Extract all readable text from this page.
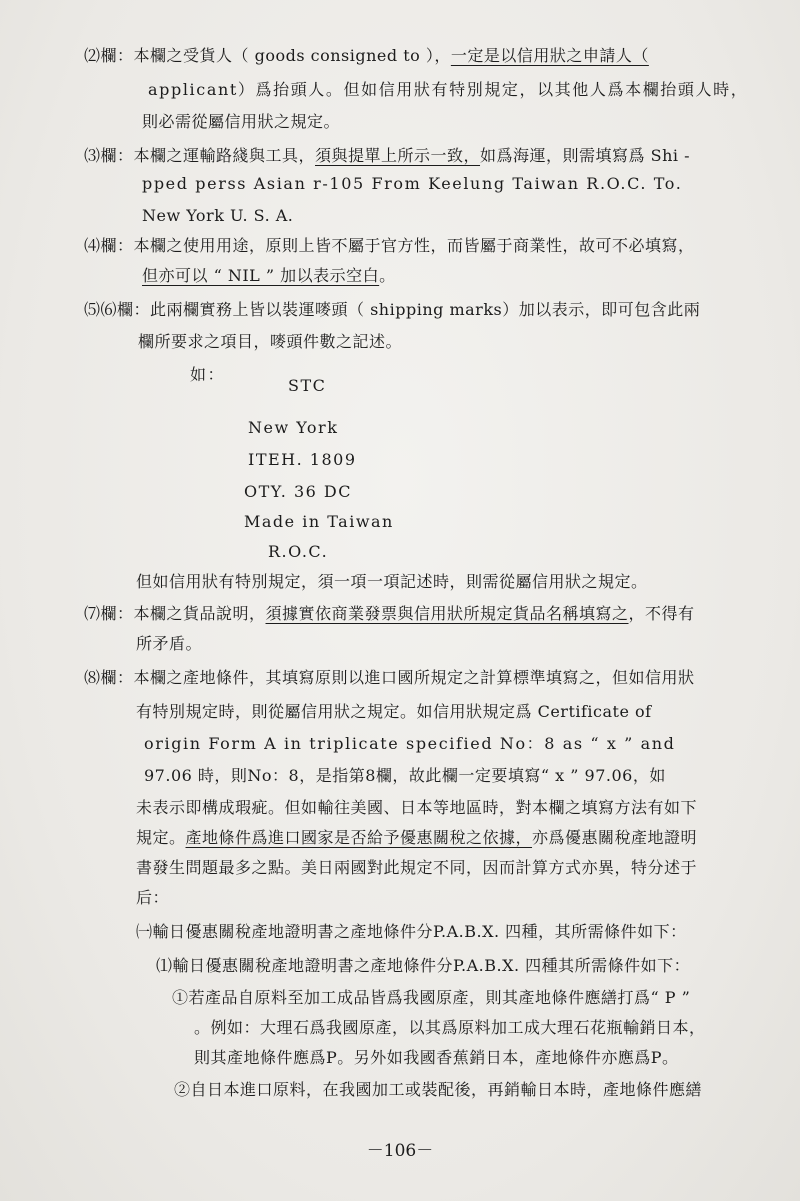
⑵欄：本欄之受貨人（ goods consigned to ），一定是以信用狀之申請人（
applicant）爲抬頭人。但如信用狀有特別規定，以其他人爲本欄抬頭人時，
則必需從屬信用狀之規定。
⑶欄：本欄之運輸路綫與工具，須與提單上所示一致，如爲海運，則需填寫爲 Shi -
pped perss Asian r-105 From Keelung Taiwan R.O.C. To.
New York U. S. A.
⑷欄：本欄之使用用途，原則上皆不屬于官方性，而皆屬于商業性，故可不必填寫，
但亦可以 “ NIL ” 加以表示空白。
⑸⑹欄：此兩欄實務上皆以裝運嘜頭（ shipping marks）加以表示，即可包含此兩
欄所要求之項目，嘜頭件數之記述。
如：
STC
New York
ITEH. 1809
OTY. 36 DC
Made in Taiwan
R.O.C.
但如信用狀有特別規定，須一項一項記述時，則需從屬信用狀之規定。
⑺欄：本欄之貨品說明，須據實依商業發票與信用狀所規定貨品名稱填寫之，不得有
所矛盾。
⑻欄：本欄之產地條件，其填寫原則以進口國所規定之計算標準填寫之，但如信用狀
有特別規定時，則從屬信用狀之規定。如信用狀規定爲 Certificate of
origin Form A in triplicate specified No：8 as “ x ” and
97.06 時，則No：8，是指第8欄，故此欄一定要填寫“ x ” 97.06，如
未表示即構成瑕疵。但如輸往美國、日本等地區時，對本欄之填寫方法有如下
規定。產地條件爲進口國家是否給予優惠關稅之依據，亦爲優惠關稅產地證明
書發生問題最多之點。美日兩國對此規定不同，因而計算方式亦異，特分述于
后：
㈠輸日優惠關稅產地證明書之產地條件分P.A.B.X. 四種，其所需條件如下：
⑴輸日優惠關稅產地證明書之產地條件分P.A.B.X. 四種其所需條件如下：
①若產品自原料至加工成品皆爲我國原產，則其產地條件應繕打爲“ P ”
。例如：大理石爲我國原產，以其爲原料加工成大理石花瓶輸銷日本，
則其產地條件應爲P。另外如我國香蕉銷日本，產地條件亦應爲P。
②自日本進口原料，在我國加工或裝配後，再銷輸日本時，產地條件應繕
－106－
